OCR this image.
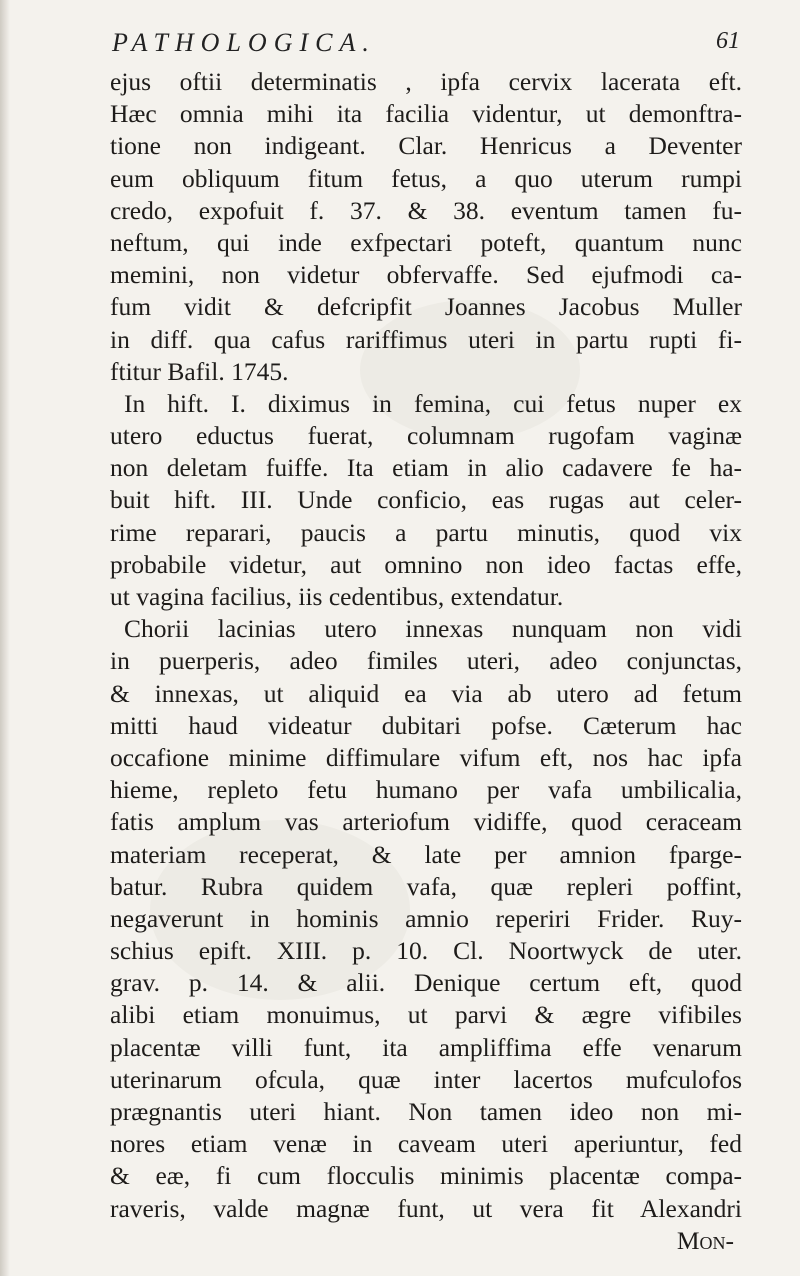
PATHOLOGICA.	61
ejus oftii determinatis , ipfa cervix lacerata eft.
Hæc omnia mihi ita facilia videntur, ut demonftra-
tione non indigeant. Clar. Henricus a Deventer
eum obliquum fitum fetus, a quo uterum rumpi
credo, expofuit f. 37. & 38. eventum tamen fu-
neftum, qui inde exfpectari poteft, quantum nunc
memini, non videtur obfervaffe. Sed ejufmodi ca-
fum vidit & defcripfit Joannes Jacobus Muller
in diff. qua cafus rariffimus uteri in partu rupti fi-
ftitur Bafil. 1745.
In hift. I. diximus in femina, cui fetus nuper ex
utero eductus fuerat, columnam rugofam vaginæ
non deletam fuiffe. Ita etiam in alio cadavere fe ha-
buit hift. III. Unde conficio, eas rugas aut celer-
rime reparari, paucis a partu minutis, quod vix
probabile videtur, aut omnino non ideo factas effe,
ut vagina facilius, iis cedentibus, extendatur.
Chorii lacinias utero innexas nunquam non vidi
in puerperis, adeo fimiles uteri, adeo conjunctas,
& innexas, ut aliquid ea via ab utero ad fetum
mitti haud videatur dubitari pofse. Cæterum hac
occafione minime diffimulare vifum eft, nos hac ipfa
hieme, repleto fetu humano per vafa umbilicalia,
fatis amplum vas arteriofum vidiffe, quod ceraceam
materiam receperat, & late per amnion fparge-
batur. Rubra quidem vafa, quæ repleri poffint,
negaverunt in hominis amnio reperiri Frider. Ruy-
schius epift. XIII. p. 10. Cl. Noortwyck de uter.
grav. p. 14. & alii. Denique certum eft, quod
alibi etiam monuimus, ut parvi & ægre vifibiles
placentæ villi funt, ita ampliffima effe venarum
uterinarum ofcula, quæ inter lacertos mufculofos
prægnantis uteri hiant. Non tamen ideo non mi-
nores etiam venæ in caveam uteri aperiuntur, fed
& eæ, fi cum flocculis minimis placentæ compa-
raveris, valde magnæ funt, ut vera fit Alexandri
Mon-
